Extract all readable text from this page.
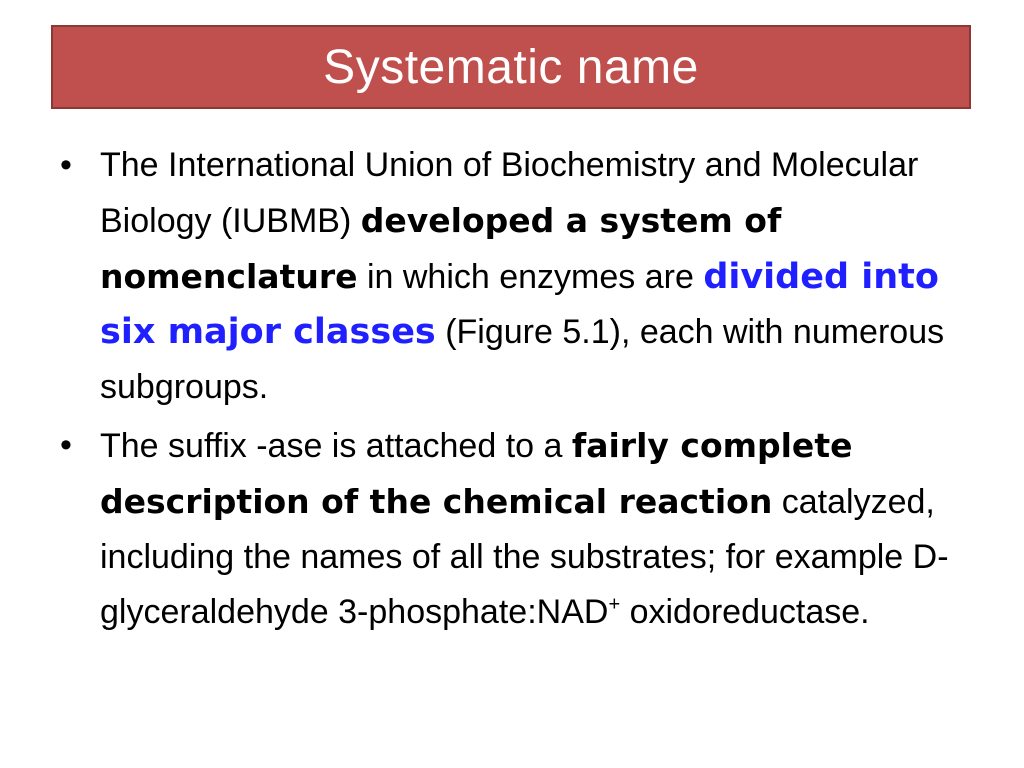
Systematic name
• The International Union of Biochemistry and Molecular Biology (IUBMB) developed a system of nomenclature in which enzymes are divided into six major classes (Figure 5.1), each with numerous subgroups.
• The suffix -ase is attached to a fairly complete description of the chemical reaction catalyzed, including the names of all the substrates; for example D-glyceraldehyde 3-phosphate:NAD+ oxidoreductase.
